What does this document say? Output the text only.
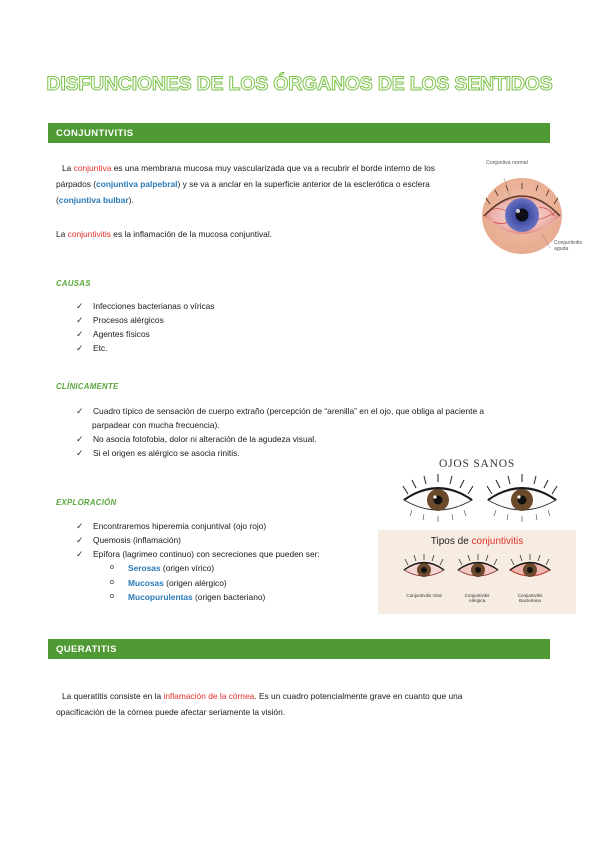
DISFUNCIONES DE LOS ÓRGANOS DE LOS SENTIDOS
CONJUNTIVITIS
La conjuntiva es una membrana mucosa muy vascularizada que va a recubrir el borde interno de los
párpados (conjuntiva palpebral) y se va a anclar en la superficie anterior de la esclerótica o esclera
(conjuntiva bulbar).
La conjuntivitis es la inflamación de la mucosa conjuntival.
Conjuntiva normal
Conjuntivitis aguda
CAUSAS
✓ Infecciones bacterianas o víricas
✓ Procesos alérgicos
✓ Agentes físicos
✓ Etc.
CLÍNICAMENTE
✓ Cuadro típico de sensación de cuerpo extraño (percepción de “arenilla” en el ojo, que obliga al paciente a
parpadear con mucha frecuencia).
✓ No asocia fotofobia, dolor ni alteración de la agudeza visual.
✓ Si el origen es alérgico se asocia rinitis.
EXPLORACIÓN
✓ Encontraremos hiperemia conjuntival (ojo rojo)
✓ Quemosis (inflamación)
✓ Epífora (lagrimeo continuo) con secreciones que pueden ser:
o Serosas (origen vírico)
o Mucosas (origen alérgico)
o Mucopurulentas (origen bacteriano)
OJOS SANOS
Tipos de conjuntivitis
Conjuntivitis Viral	Conjuntivitis Alérgica
Conjuntivitis Bacteriana
QUERATITIS
La queratitis consiste en la inflamación de la córnea. Es un cuadro potencialmente grave en cuanto que una
opacificación de la córnea puede afectar seriamente la visión.
